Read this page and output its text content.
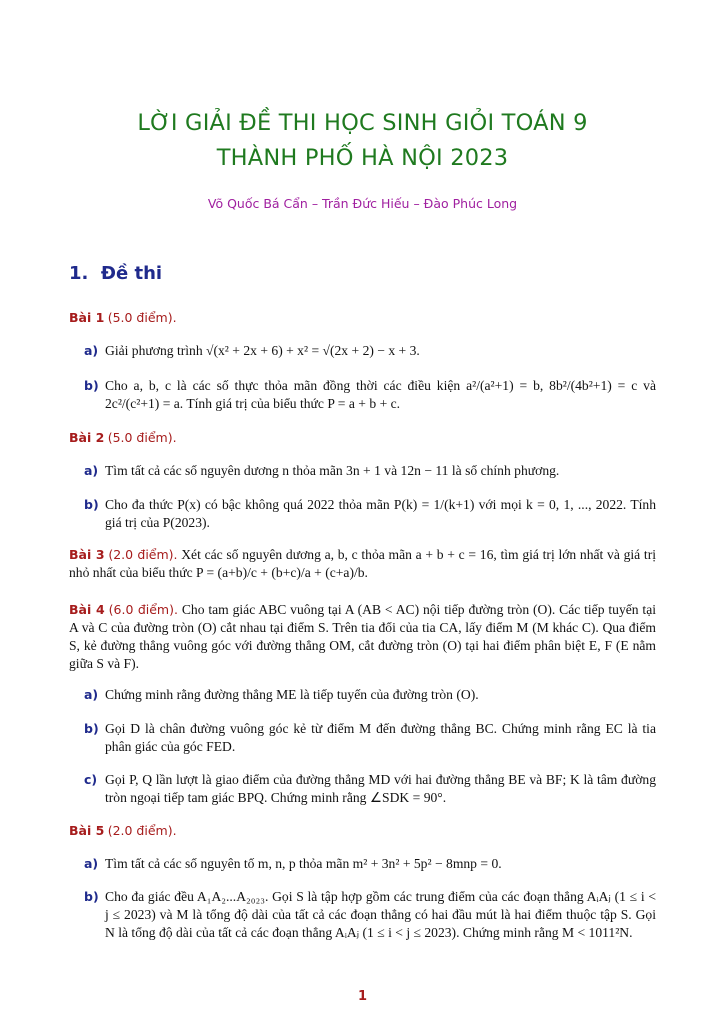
LỜI GIẢI ĐỀ THI HỌC SINH GIỎI TOÁN 9
THÀNH PHỐ HÀ NỘI 2023
Võ Quốc Bá Cẩn – Trần Đức Hiếu – Đào Phúc Long
1. Đề thi
Bài 1 (5.0 điểm).
a) Giải phương trình √(x² + 2x + 6) + x² = √(2x + 2) − x + 3.
b) Cho a, b, c là các số thực thỏa mãn đồng thời các điều kiện a²/(a²+1) = b, 8b²/(4b²+1) = c và 2c²/(c²+1) = a. Tính giá trị của biểu thức P = a + b + c.
Bài 2 (5.0 điểm).
a) Tìm tất cả các số nguyên dương n thỏa mãn 3n + 1 và 12n − 11 là số chính phương.
b) Cho đa thức P(x) có bậc không quá 2022 thỏa mãn P(k) = 1/(k+1) với mọi k = 0, 1, ..., 2022. Tính giá trị của P(2023).
Bài 3 (2.0 điểm). Xét các số nguyên dương a, b, c thỏa mãn a + b + c = 16, tìm giá trị lớn nhất và giá trị nhỏ nhất của biểu thức P = (a+b)/c + (b+c)/a + (c+a)/b.
Bài 4 (6.0 điểm). Cho tam giác ABC vuông tại A (AB < AC) nội tiếp đường tròn (O). Các tiếp tuyến tại A và C của đường tròn (O) cắt nhau tại điểm S. Trên tia đối của tia CA, lấy điểm M (M khác C). Qua điểm S, kẻ đường thẳng vuông góc với đường thẳng OM, cắt đường tròn (O) tại hai điểm phân biệt E, F (E nằm giữa S và F).
a) Chứng minh rằng đường thẳng ME là tiếp tuyến của đường tròn (O).
b) Gọi D là chân đường vuông góc kẻ từ điểm M đến đường thẳng BC. Chứng minh rằng EC là tia phân giác của góc FED.
c) Gọi P, Q lần lượt là giao điểm của đường thẳng MD với hai đường thẳng BE và BF; K là tâm đường tròn ngoại tiếp tam giác BPQ. Chứng minh rằng ∠SDK = 90°.
Bài 5 (2.0 điểm).
a) Tìm tất cả các số nguyên tố m, n, p thỏa mãn m² + 3n² + 5p² − 8mnp = 0.
b) Cho đa giác đều A₁A₂...A₂₀₂₃. Gọi S là tập hợp gồm các trung điểm của các đoạn thẳng AᵢAⱼ (1 ≤ i < j ≤ 2023) và M là tổng độ dài của tất cả các đoạn thẳng có hai đầu mút là hai điểm thuộc tập S. Gọi N là tổng độ dài của tất cả các đoạn thẳng AᵢAⱼ (1 ≤ i < j ≤ 2023). Chứng minh rằng M < 1011²N.
1
